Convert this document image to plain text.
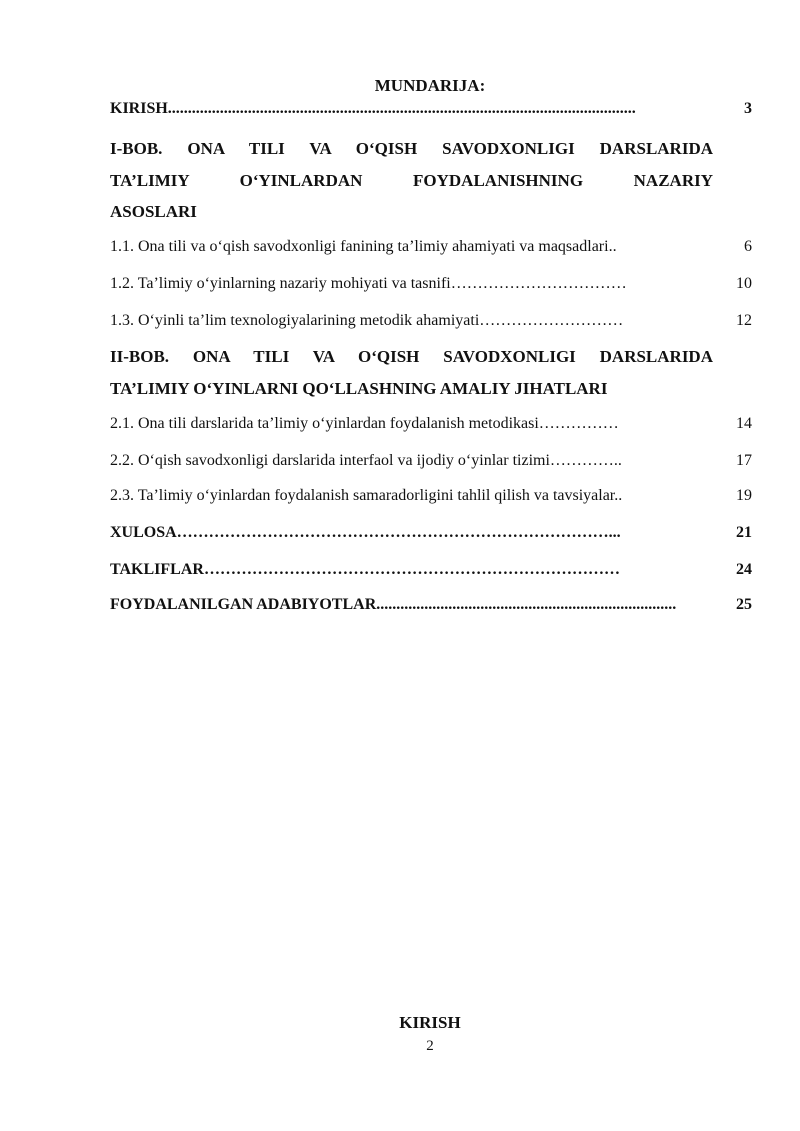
MUNDARIJA:
KIRISH.....................................................................................................................	3
I-BOB. ONA TILI VA O‘QISH SAVODXONLIGI DARSLARIDA
TA’LIMIY O‘YINLARDAN FOYDALANISHNING NAZARIY
ASOSLARI
1.1. Ona tili va o‘qish savodxonligi fanining ta’limiy ahamiyati va maqsadlari..	6
1.2. Ta’limiy o‘yinlarning nazariy mohiyati va tasnifi……………………………	10
1.3. O‘yinli ta’lim texnologiyalarining metodik ahamiyati………………………	12
II-BOB. ONA TILI VA O‘QISH SAVODXONLIGI DARSLARIDA
TA’LIMIY O‘YINLARNI QO‘LLASHNING AMALIY JIHATLARI
2.1. Ona tili darslarida ta’limiy o‘yinlardan foydalanish metodikasi……………	14
2.2. O‘qish savodxonligi darslarida interfaol va ijodiy o‘yinlar tizimi…………..	17
2.3. Ta’limiy o‘yinlardan foydalanish samaradorligini tahlil qilish va tavsiyalar..	19
XULOSA………………………………………………………………………...	21
TAKLIFLAR……………………………………………………………………	24
FOYDALANILGAN ADABIYOTLAR...........................................................................	25
KIRISH
2
